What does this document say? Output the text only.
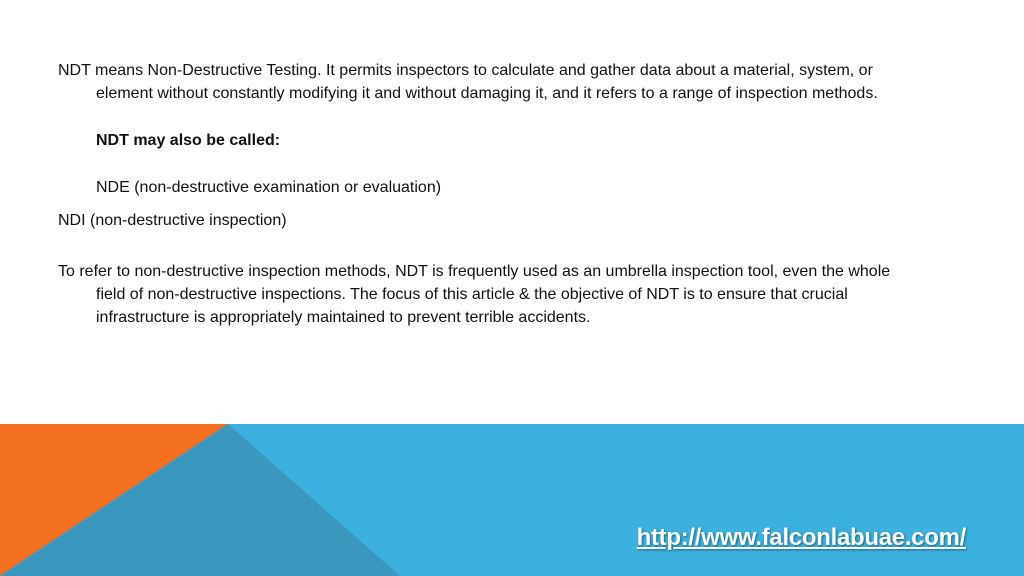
NDT means Non-Destructive Testing. It permits inspectors to calculate and gather data about a material, system, or element without constantly modifying it and without damaging it, and it refers to a range of inspection methods.

NDT may also be called:

NDE (non-destructive examination or evaluation)

NDI (non-destructive inspection)

To refer to non-destructive inspection methods, NDT is frequently used as an umbrella inspection tool, even the whole field of non-destructive inspections. The focus of this article & the objective of NDT is to ensure that crucial infrastructure is appropriately maintained to prevent terrible accidents.

http://www.falconlabuae.com/
